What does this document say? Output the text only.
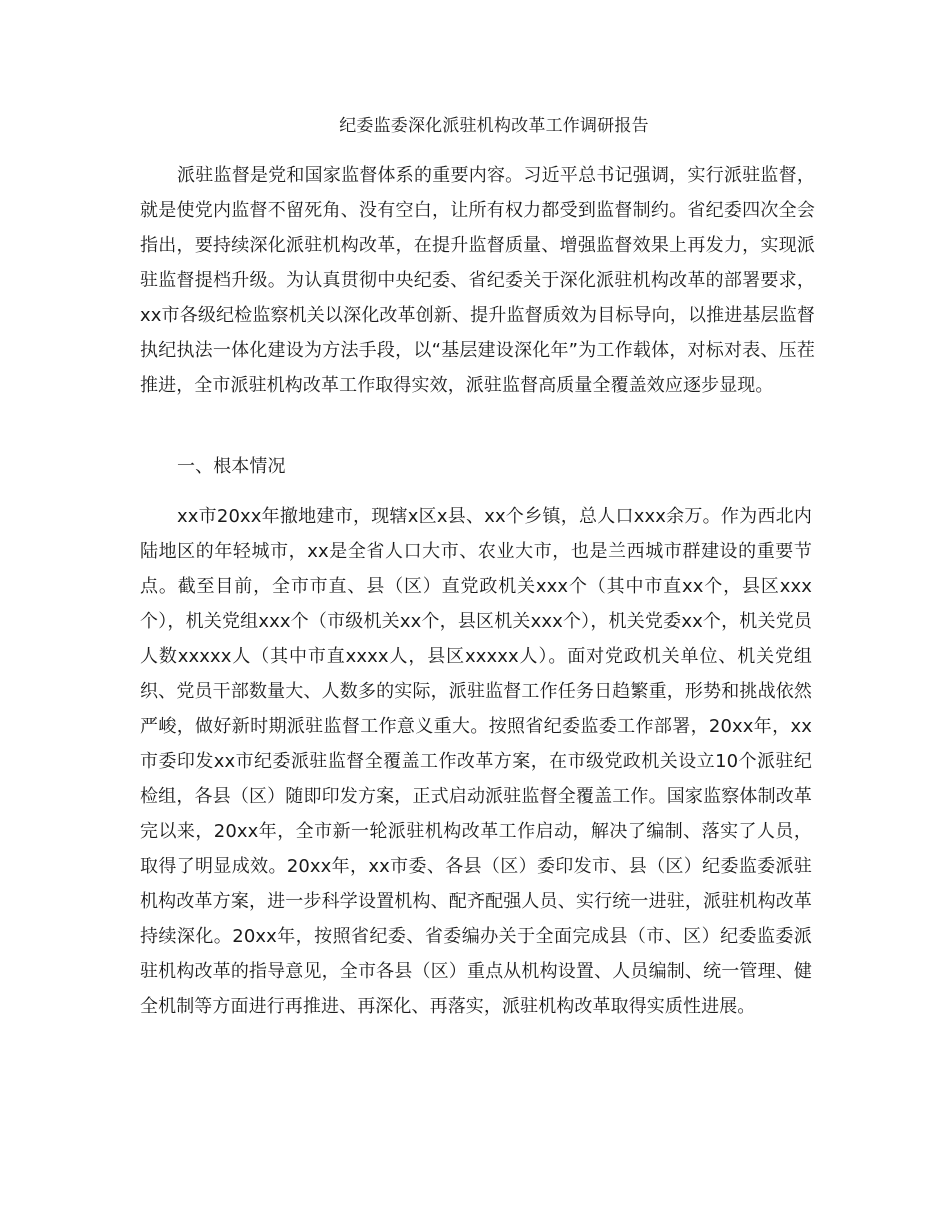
纪委监委深化派驻机构改革工作调研报告

派驻监督是党和国家监督体系的重要内容。习近平总书记强调，实行派驻监督，就是使党内监督不留死角、没有空白，让所有权力都受到监督制约。省纪委四次全会指出，要持续深化派驻机构改革，在提升监督质量、增强监督效果上再发力，实现派驻监督提档升级。为认真贯彻中央纪委、省纪委关于深化派驻机构改革的部署要求，xx市各级纪检监察机关以深化改革创新、提升监督质效为目标导向，以推进基层监督执纪执法一体化建设为方法手段，以“基层建设深化年”为工作载体，对标对表、压茬推进，全市派驻机构改革工作取得实效，派驻监督高质量全覆盖效应逐步显现。

一、根本情况

xx市20xx年撤地建市，现辖x区x县、xx个乡镇，总人口xxx余万。作为西北内陆地区的年轻城市，xx是全省人口大市、农业大市，也是兰西城市群建设的重要节点。截至目前，全市市直、县（区）直党政机关xxx个（其中市直xx个，县区xxx个），机关党组xxx个（市级机关xx个，县区机关xxx个），机关党委xx个，机关党员人数xxxxx人（其中市直xxxx人，县区xxxxx人）。面对党政机关单位、机关党组织、党员干部数量大、人数多的实际，派驻监督工作任务日趋繁重，形势和挑战依然严峻，做好新时期派驻监督工作意义重大。按照省纪委监委工作部署，20xx年，xx市委印发xx市纪委派驻监督全覆盖工作改革方案，在市级党政机关设立10个派驻纪检组，各县（区）随即印发方案，正式启动派驻监督全覆盖工作。国家监察体制改革完以来，20xx年，全市新一轮派驻机构改革工作启动，解决了编制、落实了人员，取得了明显成效。20xx年，xx市委、各县（区）委印发市、县（区）纪委监委派驻机构改革方案，进一步科学设置机构、配齐配强人员、实行统一进驻，派驻机构改革持续深化。20xx年，按照省纪委、省委编办关于全面完成县（市、区）纪委监委派驻机构改革的指导意见，全市各县（区）重点从机构设置、人员编制、统一管理、健全机制等方面进行再推进、再深化、再落实，派驻机构改革取得实质性进展。
